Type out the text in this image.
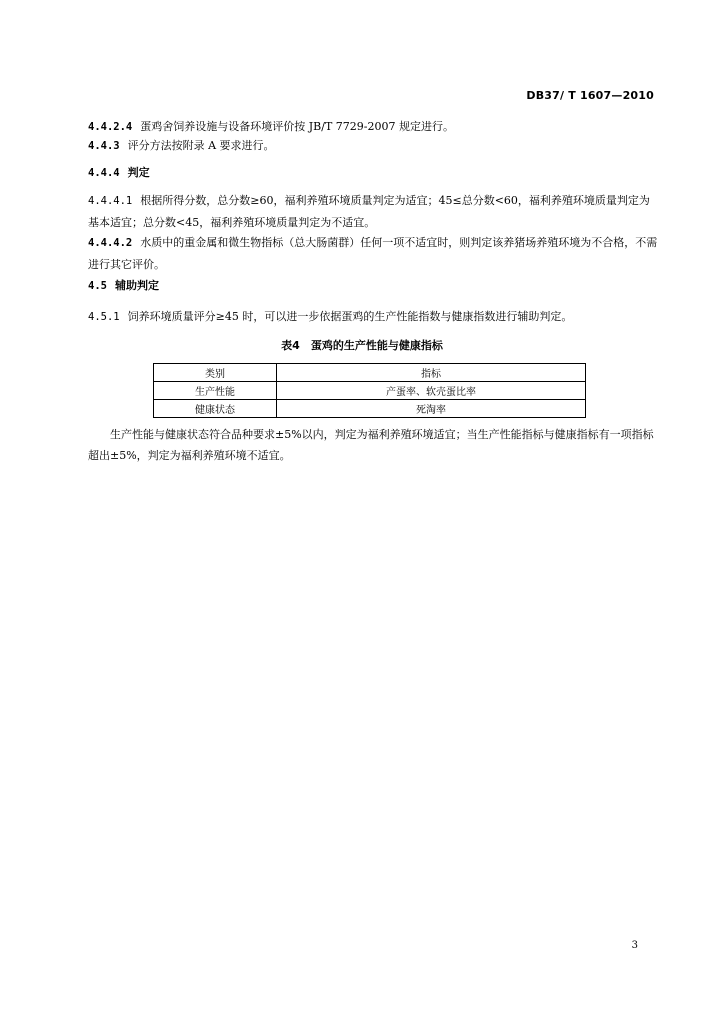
DB37/ T 1607—2010
4.4.2.4 蛋鸡舍饲养设施与设备环境评价按 JB/T 7729-2007 规定进行。
4.4.3 评分方法按附录 A 要求进行。
4.4.4 判定
4.4.4.1 根据所得分数，总分数≥60，福利养殖环境质量判定为适宜；45≤总分数<60，福利养殖环境质量判定为基本适宜；总分数<45，福利养殖环境质量判定为不适宜。
4.4.4.2 水质中的重金属和微生物指标（总大肠菌群）任何一项不适宜时，则判定该养猪场养殖环境为不合格，不需进行其它评价。
4.5 辅助判定
4.5.1 饲养环境质量评分≥45 时，可以进一步依据蛋鸡的生产性能指数与健康指数进行辅助判定。
表4　蛋鸡的生产性能与健康指标
类别	指标
生产性能	产蛋率、软壳蛋比率
健康状态	死淘率
生产性能与健康状态符合品种要求±5%以内，判定为福利养殖环境适宜；当生产性能指标与健康指标有一项指标超出±5%，判定为福利养殖环境不适宜。
3
